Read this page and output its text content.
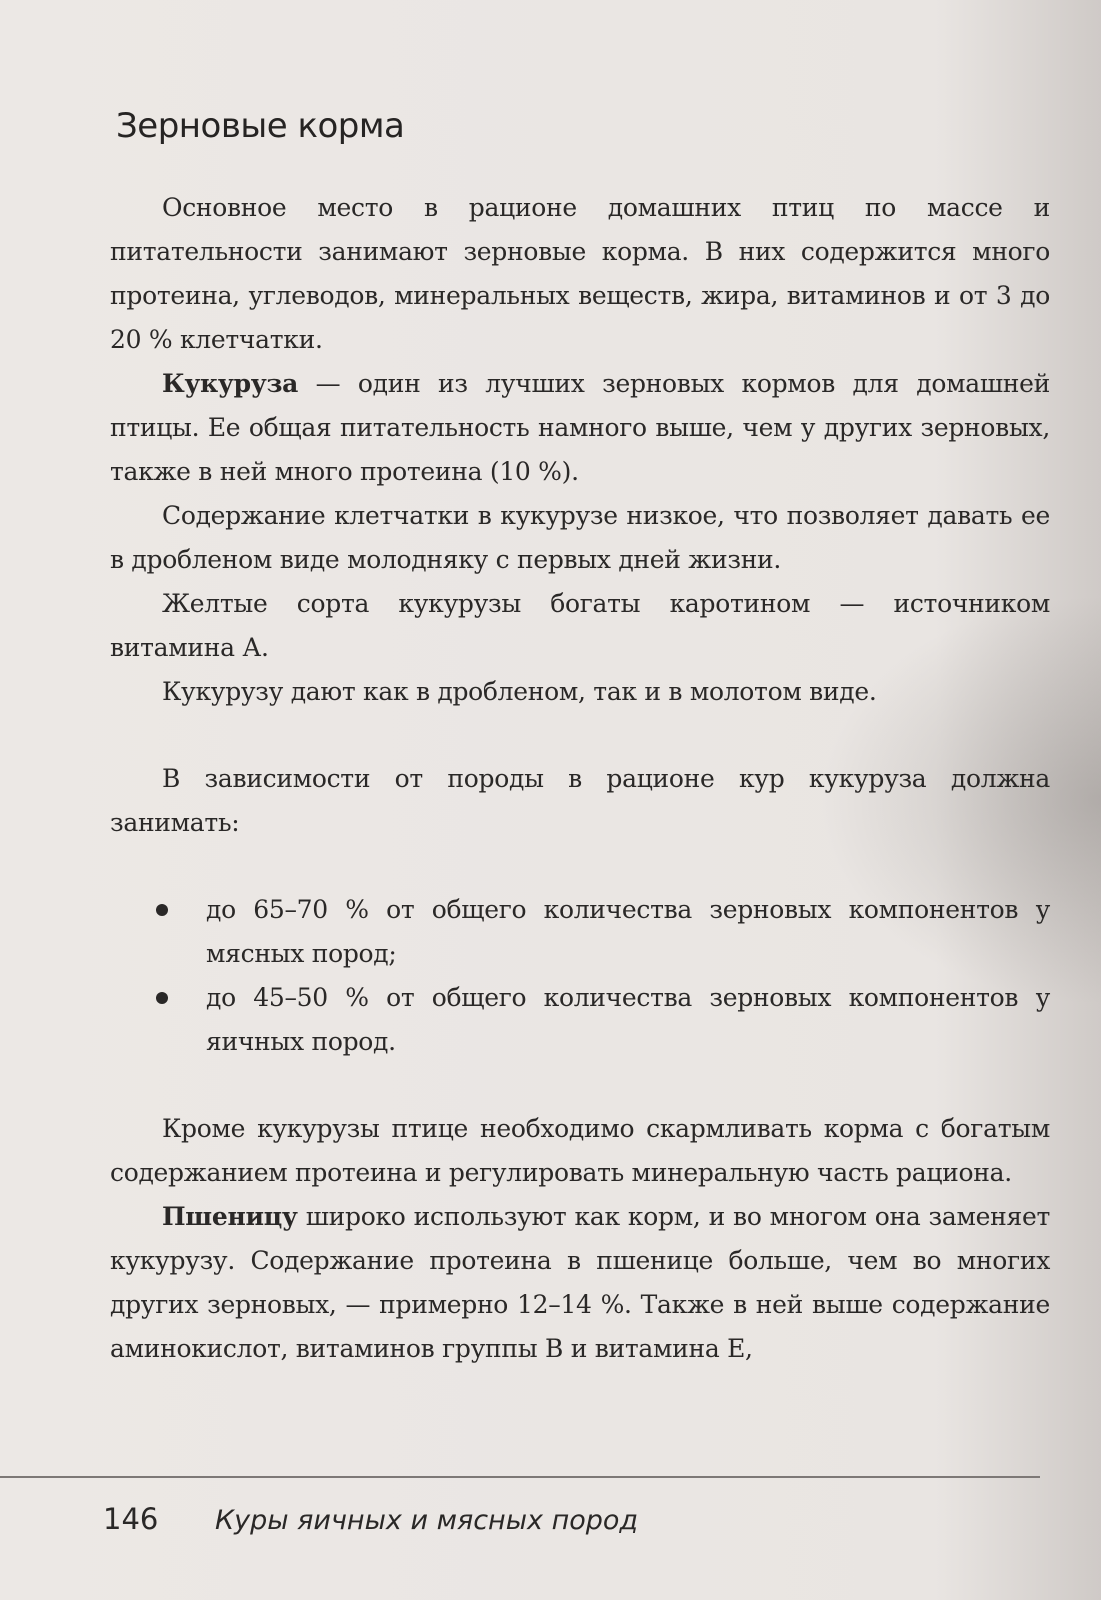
Зерновые корма

Основное место в рационе домашних птиц по массе и питательности занимают зерновые корма. В них содержится много протеина, углеводов, минеральных веществ, жира, витаминов и от 3 до 20 % клетчатки.

Кукуруза — один из лучших зерновых кормов для домашней птицы. Ее общая питательность намного выше, чем у других зерновых, также в ней много протеина (10 %).

Содержание клетчатки в кукурузе низкое, что позволяет давать ее в дробленом виде молодняку с первых дней жизни.

Желтые сорта кукурузы богаты каротином — источником витамина А.

Кукурузу дают как в дробленом, так и в молотом виде.

В зависимости от породы в рационе кур кукуруза должна занимать:

до 65–70 % от общего количества зерновых компонентов у мясных пород;
до 45–50 % от общего количества зерновых компонентов у яичных пород.

Кроме кукурузы птице необходимо скармливать корма с богатым содержанием протеина и регулировать минеральную часть рациона.

Пшеницу широко используют как корм, и во многом она заменяет кукурузу. Содержание протеина в пшенице больше, чем во многих других зерновых, — примерно 12–14 %. Также в ней выше содержание аминокислот, витаминов группы В и витамина Е,

146 Куры яичных и мясных пород
